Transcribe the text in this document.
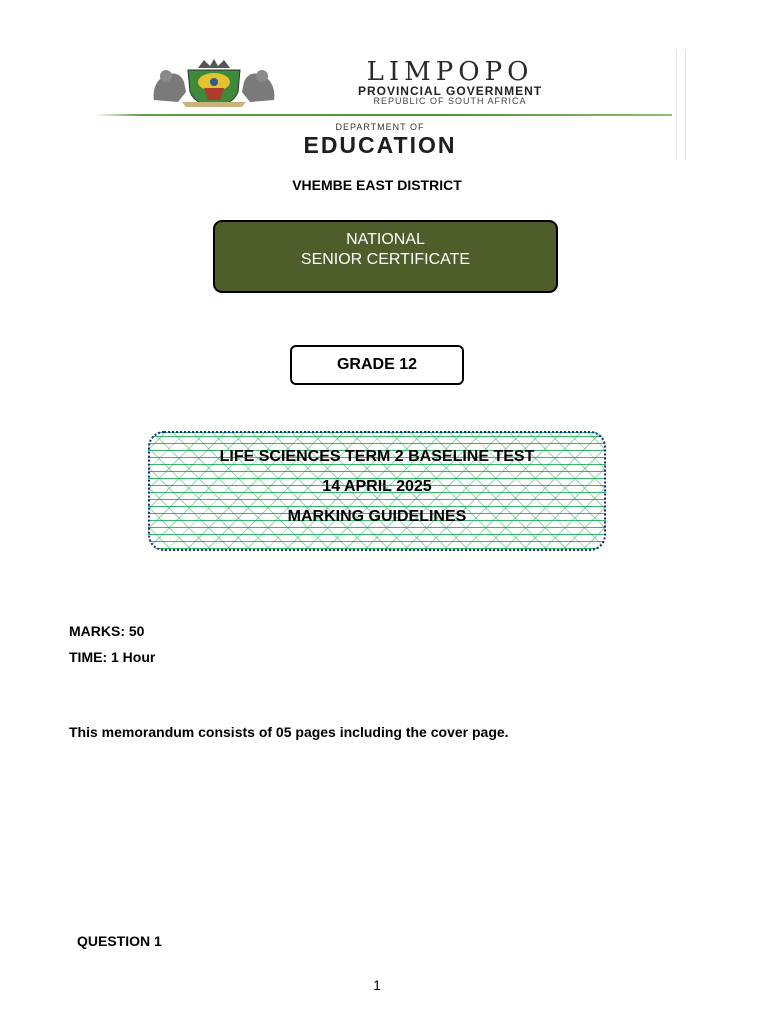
LIMPOPO
PROVINCIAL GOVERNMENT
REPUBLIC OF SOUTH AFRICA
DEPARTMENT OF
EDUCATION
VHEMBE EAST DISTRICT
NATIONAL
SENIOR CERTIFICATE
GRADE 12
LIFE SCIENCES TERM 2 BASELINE TEST
14 APRIL 2025
MARKING GUIDELINES
MARKS: 50
TIME: 1 Hour
This memorandum consists of 05 pages including the cover page.
QUESTION 1
1
